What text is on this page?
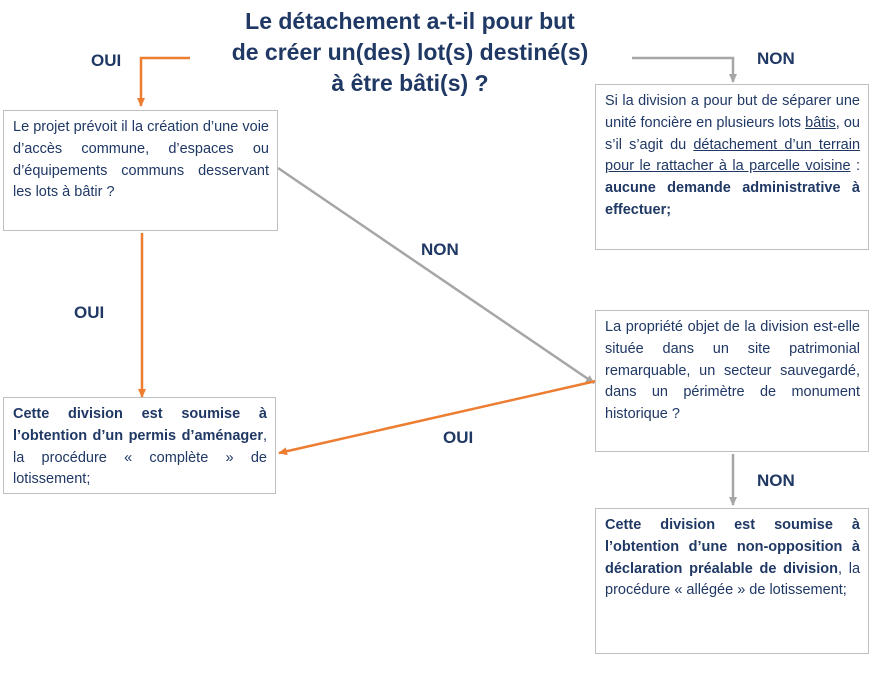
Le détachement a-t-il pour but
de créer un(des) lot(s) destiné(s)
à être bâti(s) ?
OUI	NON
NON
OUI
OUI
NON
Le projet prévoit il la création d’une voie d’accès commune, d’espaces ou d’équipements communs desservant les lots à bâtir ?
Si la division a pour but de séparer une unité foncière en plusieurs lots bâtis, ou s’il s’agit du détachement d’un terrain pour le rattacher à la parcelle voisine : aucune demande administrative à effectuer;
La propriété objet de la division est-elle située dans un site patrimonial remarquable, un secteur sauvegardé, dans un périmètre de monument historique ?
Cette division est soumise à l’obtention d’un permis d’aménager, la procédure « complète » de lotissement;
Cette division est soumise à l’obtention d’une non-opposition à déclaration préalable de division, la procédure « allégée » de lotissement;
